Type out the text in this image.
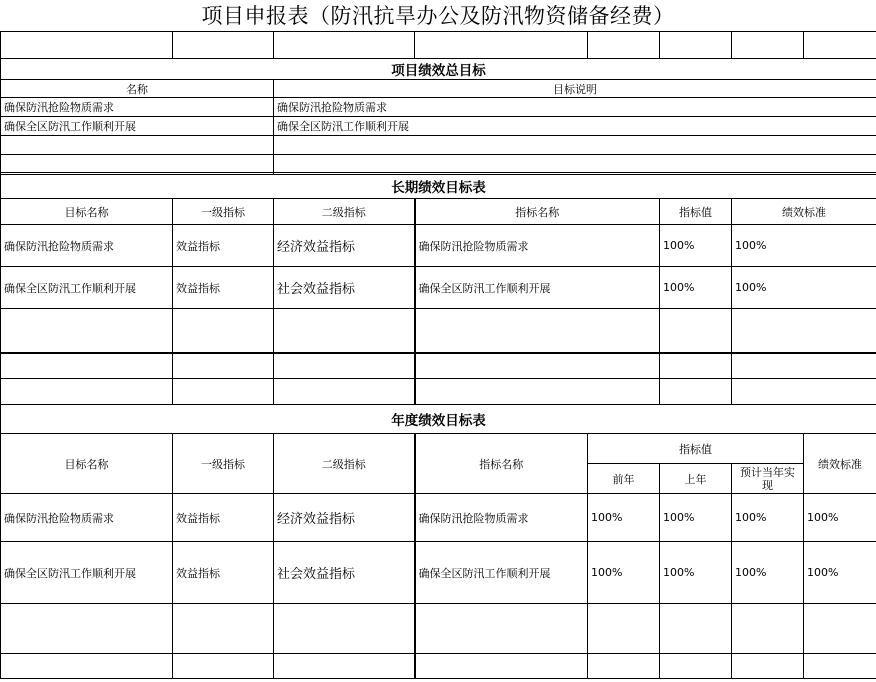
项目申报表（防汛抗旱办公及防汛物资储备经费）

项目绩效总目标	
名称	目标说明
确保防汛抢险物质需求	确保防汛抢险物质需求
确保全区防汛工作顺利开展	确保全区防汛工作顺利开展

长期绩效目标表					
目标名称	一级指标	二级指标	指标名称	指标值	绩效标准
确保防汛抢险物质需求	效益指标	经济效益指标	确保防汛抢险物质需求	100%	100%
确保全区防汛工作顺利开展	效益指标	社会效益指标	确保全区防汛工作顺利开展	100%	100%

年度绩效目标表							
目标名称	一级指标	二级指标	指标名称	指标值			绩效标准
				前年	上年	预计当年实现	
确保防汛抢险物质需求	效益指标	经济效益指标	确保防汛抢险物质需求	100%	100%	100%	100%
确保全区防汛工作顺利开展	效益指标	社会效益指标	确保全区防汛工作顺利开展	100%	100%	100%	100%
